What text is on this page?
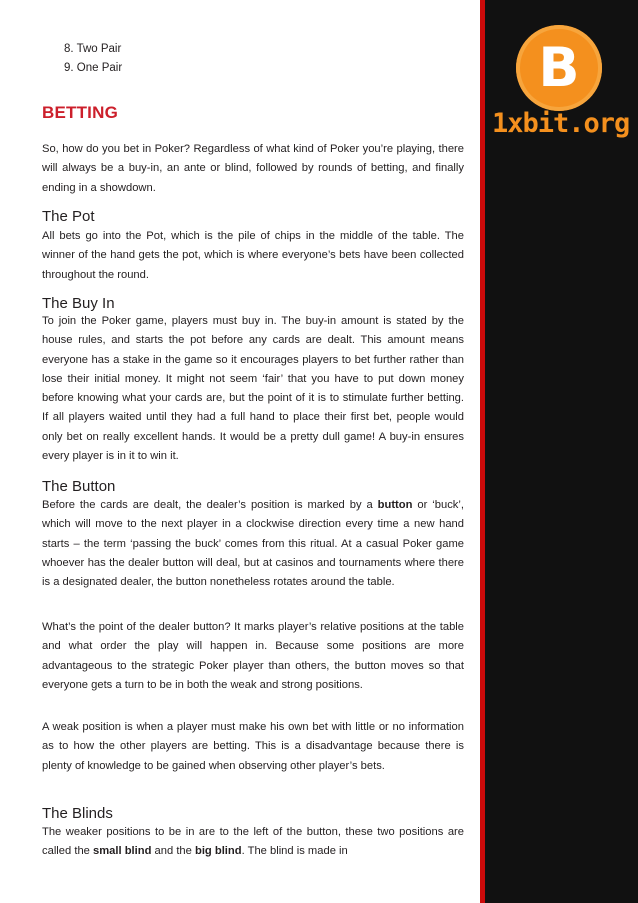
B
1xbit.org
8. Two Pair
9. One Pair
BETTING
So, how do you bet in Poker? Regardless of what kind of Poker you’re playing, there will always be a buy-in, an ante or blind, followed by rounds of betting, and finally ending in a showdown.
The Pot
All bets go into the Pot, which is the pile of chips in the middle of the table. The winner of the hand gets the pot, which is where everyone’s bets have been collected throughout the round.
The Buy In
To join the Poker game, players must buy in. The buy-in amount is stated by the house rules, and starts the pot before any cards are dealt. This amount means everyone has a stake in the game so it encourages players to bet further rather than lose their initial money. It might not seem ‘fair’ that you have to put down money before knowing what your cards are, but the point of it is to stimulate further betting. If all players waited until they had a full hand to place their first bet, people would only bet on really excellent hands. It would be a pretty dull game! A buy-in ensures every player is in it to win it.
The Button
Before the cards are dealt, the dealer’s position is marked by a button or ‘buck’, which will move to the next player in a clockwise direction every time a new hand starts – the term ‘passing the buck’ comes from this ritual. At a casual Poker game whoever has the dealer button will deal, but at casinos and tournaments where there is a designated dealer, the button nonetheless rotates around the table.
What’s the point of the dealer button? It marks player’s relative positions at the table and what order the play will happen in. Because some positions are more advantageous to the strategic Poker player than others, the button moves so that everyone gets a turn to be in both the weak and strong positions.
A weak position is when a player must make his own bet with little or no information as to how the other players are betting. This is a disadvantage because there is plenty of knowledge to be gained when observing other player’s bets.
The Blinds
The weaker positions to be in are to the left of the button, these two positions are called the small blind and the big blind. The blind is made in
